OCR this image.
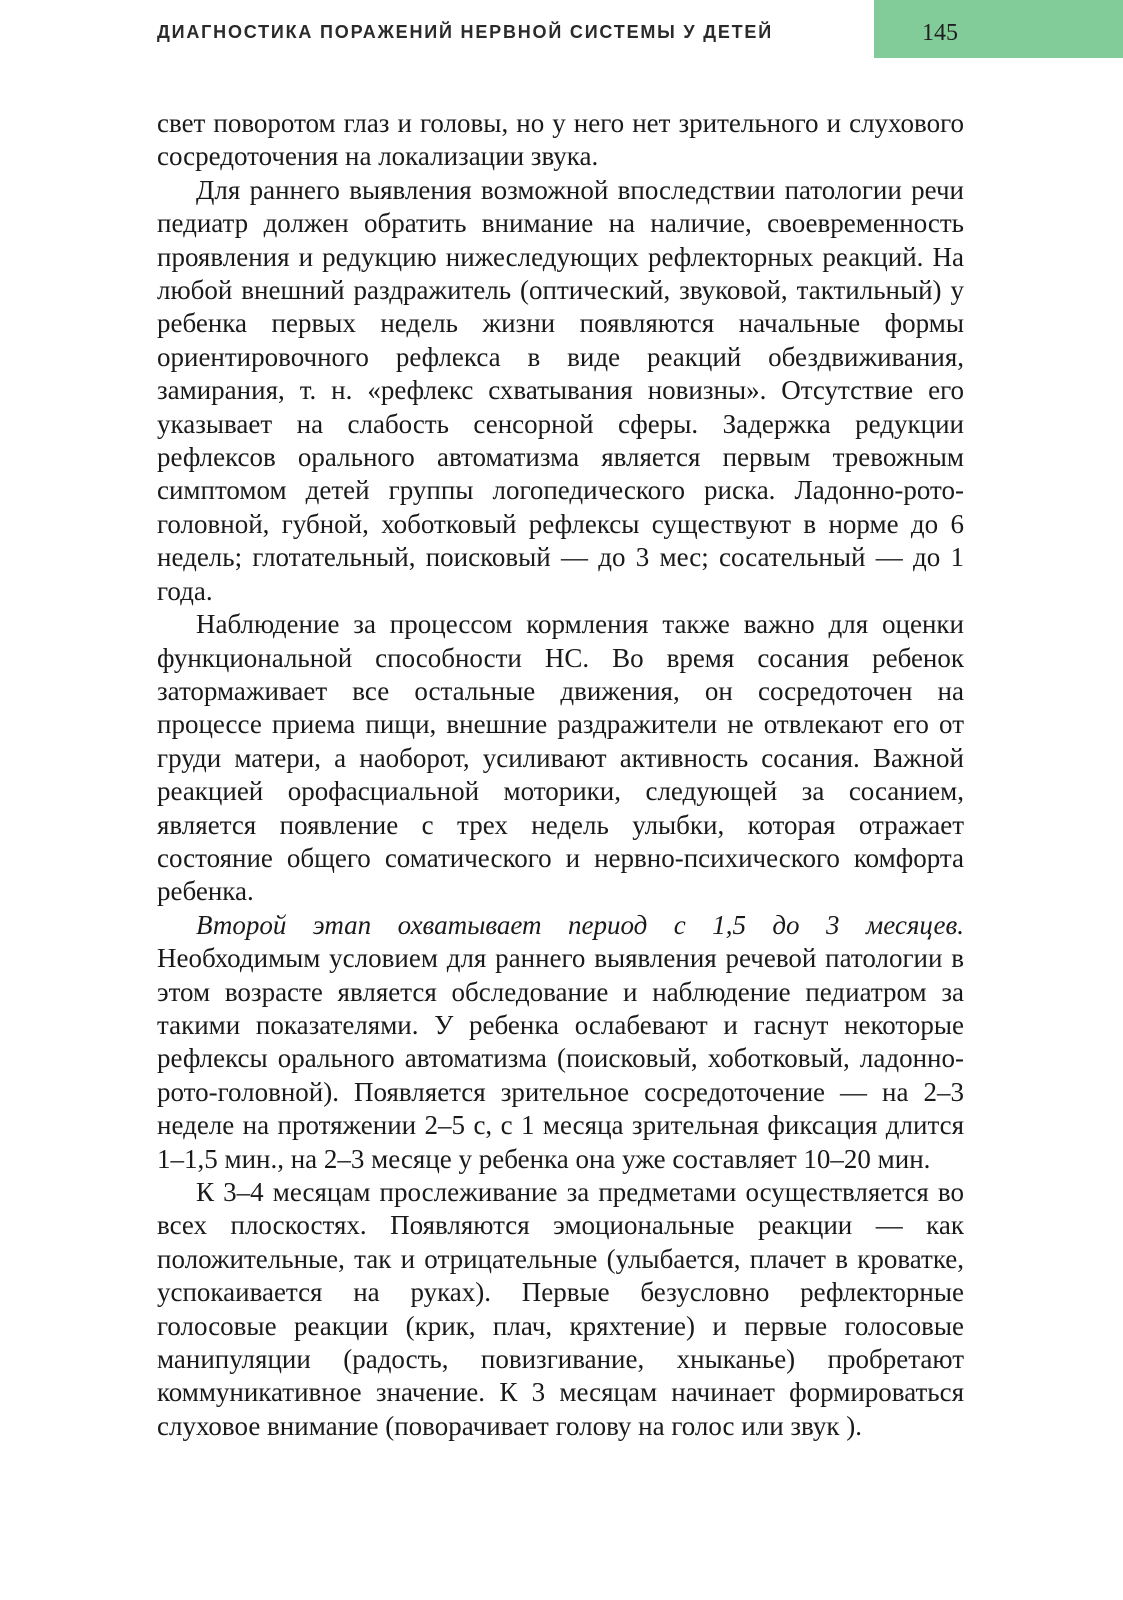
ДИАГНОСТИКА ПОРАЖЕНИЙ НЕРВНОЙ СИСТЕМЫ У ДЕТЕЙ	145

свет поворотом глаз и головы, но у него нет зрительного и слухового сосредоточения на локализации звука.

Для раннего выявления возможной впоследствии патологии речи педиатр должен обратить внимание на наличие, своевременность проявления и редукцию нижеследующих рефлекторных реакций. На любой внешний раздражитель (оптический, звуковой, тактильный) у ребенка первых недель жизни появляются начальные формы ориентировочного рефлекса в виде реакций обездвиживания, замирания, т. н. «рефлекс схватывания новизны». Отсутствие его указывает на слабость сенсорной сферы. Задержка редукции рефлексов орального автоматизма является первым тревожным симптомом детей группы логопедического риска. Ладонно-рото-головной, губной, хоботковый рефлексы существуют в норме до 6 недель; глотательный, поисковый — до 3 мес; сосательный — до 1 года.

Наблюдение за процессом кормления также важно для оценки функциональной способности НС. Во время сосания ребенок затормаживает все остальные движения, он сосредоточен на процессе приема пищи, внешние раздражители не отвлекают его от груди матери, а наоборот, усиливают активность сосания. Важной реакцией орофасциальной моторики, следующей за сосанием, является появление с трех недель улыбки, которая отражает состояние общего соматического и нервно-психического комфорта ребенка.

Второй этап охватывает период с 1,5 до 3 месяцев. Необходимым условием для раннего выявления речевой патологии в этом возрасте является обследование и наблюдение педиатром за такими показателями. У ребенка ослабевают и гаснут некоторые рефлексы орального автоматизма (поисковый, хоботковый, ладонно-рото-головной). Появляется зрительное сосредоточение — на 2–3 неделе на протяжении 2–5 с, с 1 месяца зрительная фиксация длится 1–1,5 мин., на 2–3 месяце у ребенка она уже составляет 10–20 мин.

К 3–4 месяцам прослеживание за предметами осуществляется во всех плоскостях. Появляются эмоциональные реакции — как положительные, так и отрицательные (улыбается, плачет в кроватке, успокаивается на руках). Первые безусловно рефлекторные голосовые реакции (крик, плач, кряхтение) и первые голосовые манипуляции (радость, повизгивание, хныканье) пробретают коммуникативное значение. К 3 месяцам начинает формироваться слуховое внимание (поворачивает голову на голос или звук ).
